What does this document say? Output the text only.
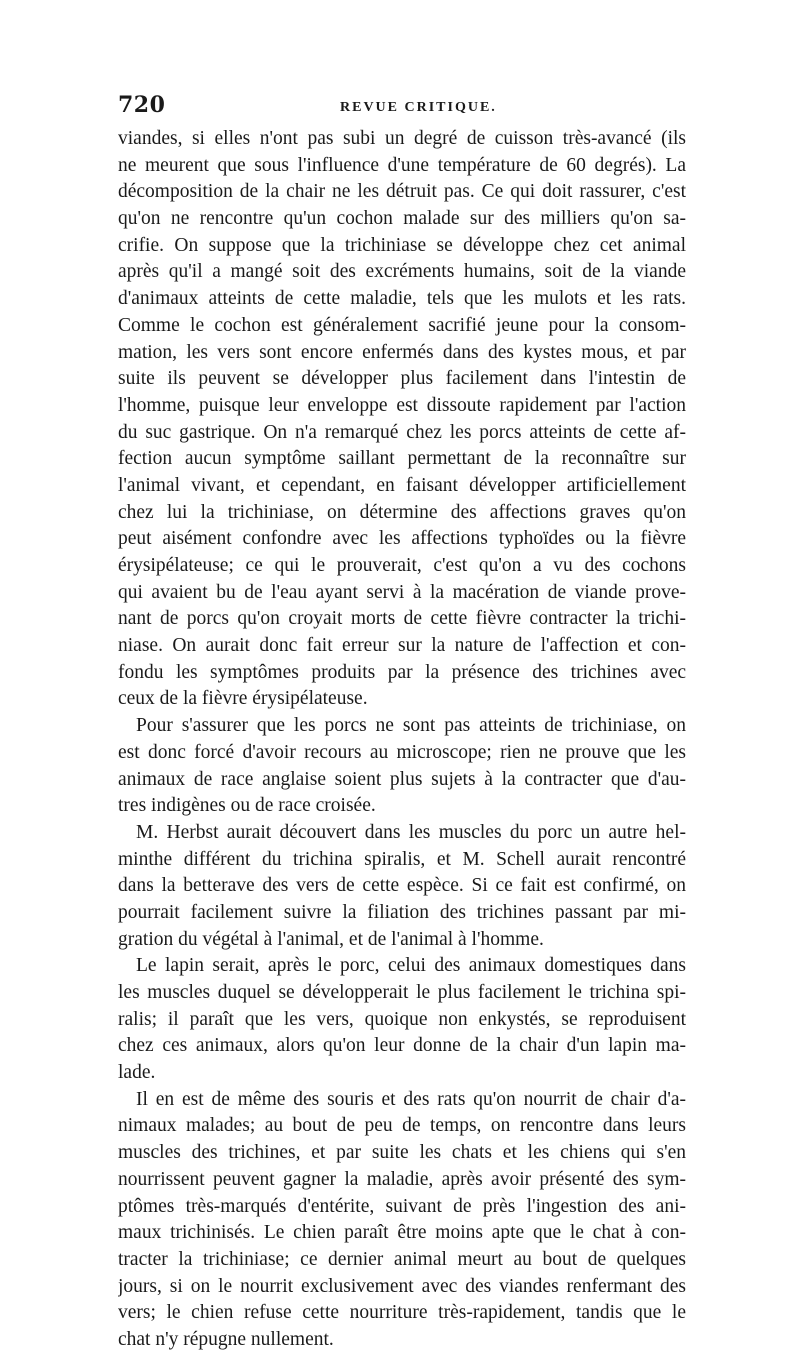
720	REVUE CRITIQUE.
viandes, si elles n'ont pas subi un degré de cuisson très-avancé (ils
ne meurent que sous l'influence d'une température de 60 degrés). La
décomposition de la chair ne les détruit pas. Ce qui doit rassurer, c'est
qu'on ne rencontre qu'un cochon malade sur des milliers qu'on sa-
crifie. On suppose que la trichiniase se développe chez cet animal
après qu'il a mangé soit des excréments humains, soit de la viande
d'animaux atteints de cette maladie, tels que les mulots et les rats.
Comme le cochon est généralement sacrifié jeune pour la consom-
mation, les vers sont encore enfermés dans des kystes mous, et par
suite ils peuvent se développer plus facilement dans l'intestin de
l'homme, puisque leur enveloppe est dissoute rapidement par l'action
du suc gastrique. On n'a remarqué chez les porcs atteints de cette af-
fection aucun symptôme saillant permettant de la reconnaître sur
l'animal vivant, et cependant, en faisant développer artificiellement
chez lui la trichiniase, on détermine des affections graves qu'on
peut aisément confondre avec les affections typhoïdes ou la fièvre
érysipélateuse; ce qui le prouverait, c'est qu'on a vu des cochons
qui avaient bu de l'eau ayant servi à la macération de viande prove-
nant de porcs qu'on croyait morts de cette fièvre contracter la trichi-
niase. On aurait donc fait erreur sur la nature de l'affection et con-
fondu les symptômes produits par la présence des trichines avec
ceux de la fièvre érysipélateuse.
Pour s'assurer que les porcs ne sont pas atteints de trichiniase, on
est donc forcé d'avoir recours au microscope; rien ne prouve que les
animaux de race anglaise soient plus sujets à la contracter que d'au-
tres indigènes ou de race croisée.
M. Herbst aurait découvert dans les muscles du porc un autre hel-
minthe différent du trichina spiralis, et M. Schell aurait rencontré
dans la betterave des vers de cette espèce. Si ce fait est confirmé, on
pourrait facilement suivre la filiation des trichines passant par mi-
gration du végétal à l'animal, et de l'animal à l'homme.
Le lapin serait, après le porc, celui des animaux domestiques dans
les muscles duquel se développerait le plus facilement le trichina spi-
ralis; il paraît que les vers, quoique non enkystés, se reproduisent
chez ces animaux, alors qu'on leur donne de la chair d'un lapin ma-
lade.
Il en est de même des souris et des rats qu'on nourrit de chair d'a-
nimaux malades; au bout de peu de temps, on rencontre dans leurs
muscles des trichines, et par suite les chats et les chiens qui s'en
nourrissent peuvent gagner la maladie, après avoir présenté des sym-
ptômes très-marqués d'entérite, suivant de près l'ingestion des ani-
maux trichinisés. Le chien paraît être moins apte que le chat à con-
tracter la trichiniase; ce dernier animal meurt au bout de quelques
jours, si on le nourrit exclusivement avec des viandes renfermant des
vers; le chien refuse cette nourriture très-rapidement, tandis que le
chat n'y répugne nullement.
